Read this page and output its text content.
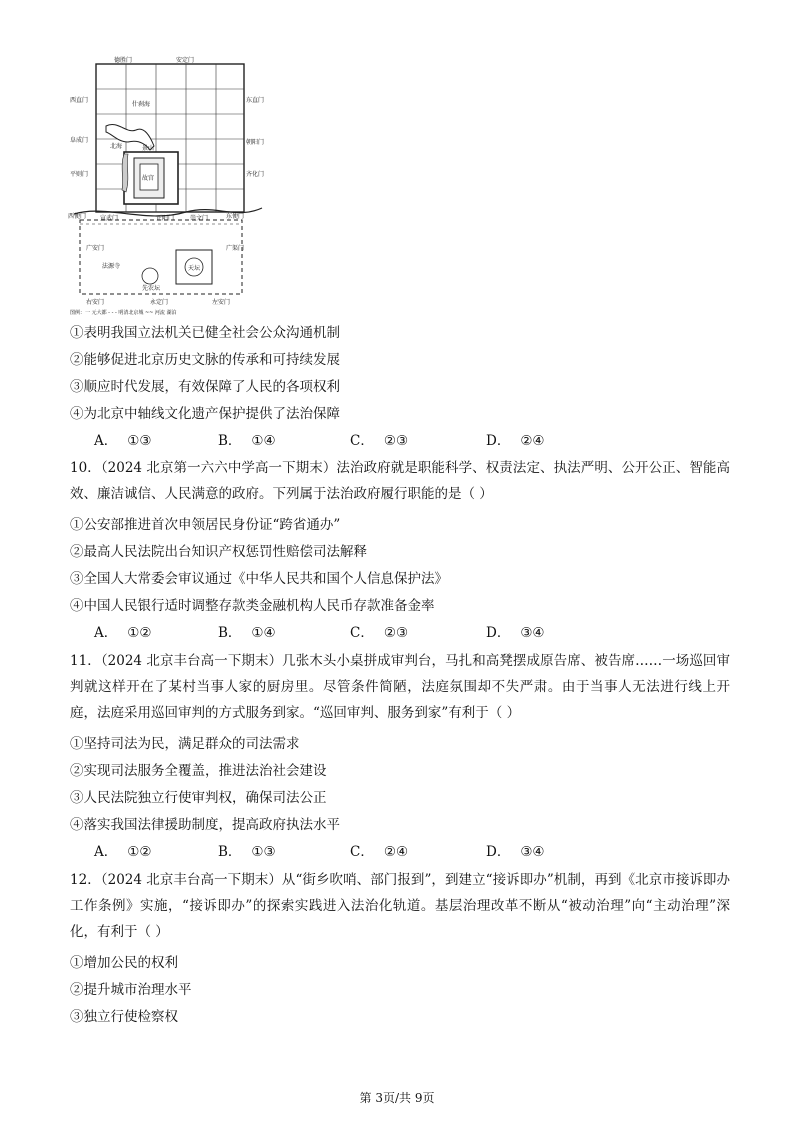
德胜门	安定门
西直门	东直门
阜成门	朝阳门
平则门	齐化门
西便门 宣武门	正阳门	崇文门	东便门
广安门	广渠门
法源寺
先农坛
天坛
什刹海
景山
故宫
北海
右安门	永定门	左安门
图例：一 元大都 - - - 明清北京城 ~~ 河流 湖泊
①表明我国立法机关已健全社会公众沟通机制
②能够促进北京历史文脉的传承和可持续发展
③顺应时代发展，有效保障了人民的各项权利
④为北京中轴线文化遗产保护提供了法治保障
A． ①③	B． ①④	C． ②③	D． ②④
10．（2024 北京第一六六中学高一下期末）法治政府就是职能科学、权责法定、执法严明、公开公正、智能高效、廉洁诚信、人民满意的政府。下列属于法治政府履行职能的是（ ）
①公安部推进首次申领居民身份证“跨省通办”
②最高人民法院出台知识产权惩罚性赔偿司法解释
③全国人大常委会审议通过《中华人民共和国个人信息保护法》
④中国人民银行适时调整存款类金融机构人民币存款准备金率
A． ①②	B． ①④	C． ②③	D． ③④
11．（2024 北京丰台高一下期末）几张木头小桌拼成审判台，马扎和高凳摆成原告席、被告席……一场巡回审判就这样开在了某村当事人家的厨房里。尽管条件简陋，法庭氛围却不失严肃。由于当事人无法进行线上开庭，法庭采用巡回审判的方式服务到家。“巡回审判、服务到家”有利于（ ）
①坚持司法为民，满足群众的司法需求
②实现司法服务全覆盖，推进法治社会建设
③人民法院独立行使审判权，确保司法公正
④落实我国法律援助制度，提高政府执法水平
A． ①②	B． ①③	C． ②④	D． ③④
12．（2024 北京丰台高一下期末）从“街乡吹哨、部门报到”，到建立“接诉即办”机制，再到《北京市接诉即办工作条例》实施，“接诉即办”的探索实践进入法治化轨道。基层治理改革不断从“被动治理”向“主动治理”深化，有利于（ ）
①增加公民的权利
②提升城市治理水平
③独立行使检察权
第 3页/共 9页
